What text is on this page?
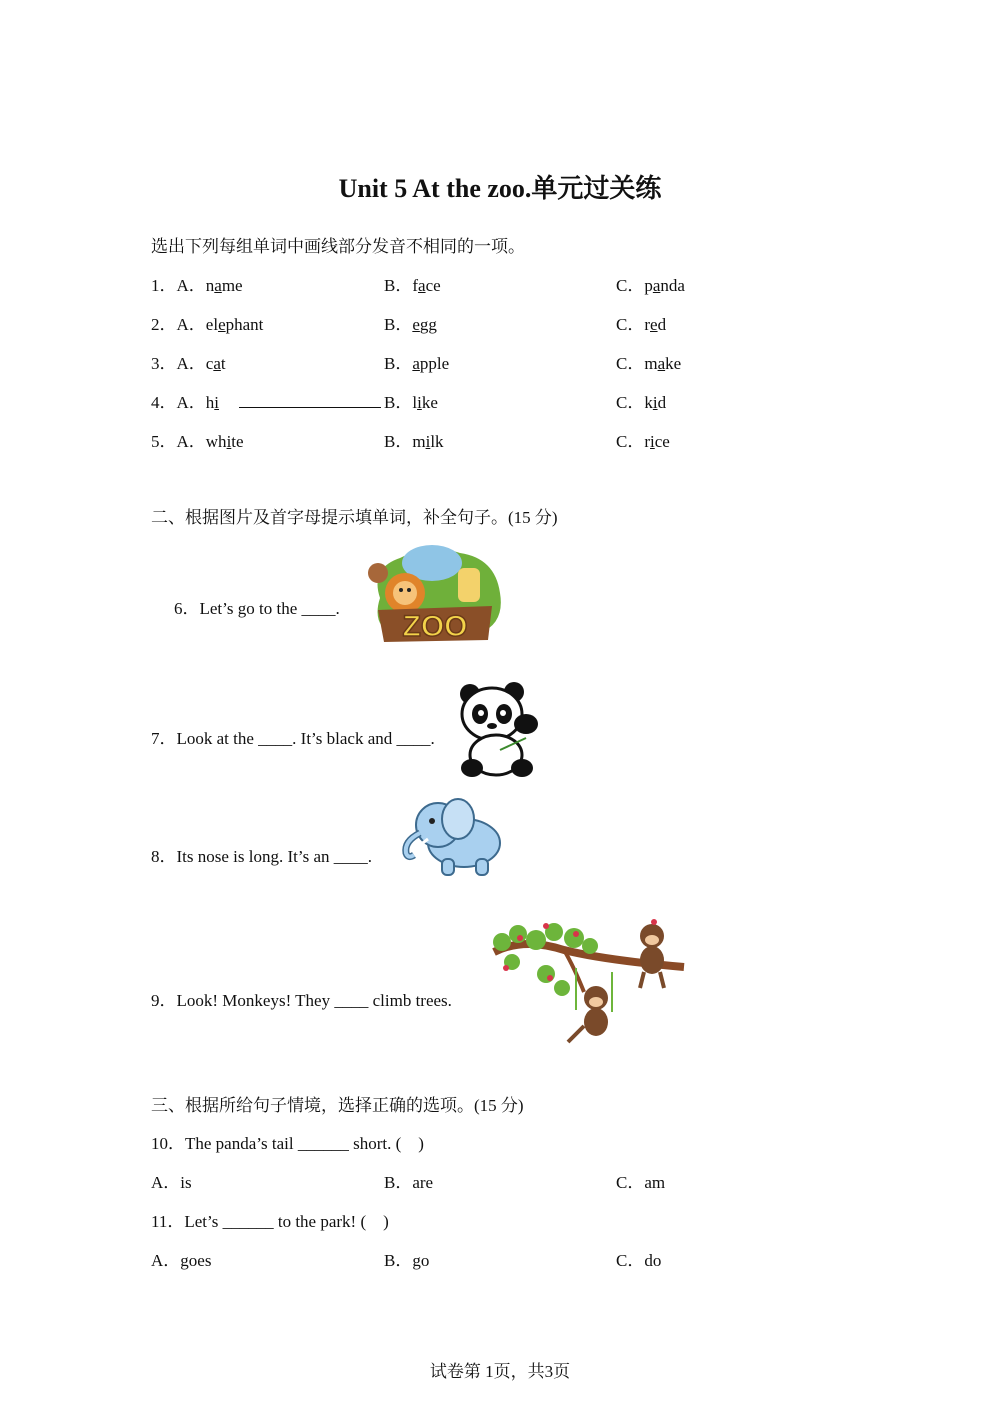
Unit 5 At the zoo.单元过关练
选出下列每组单词中画线部分发音不相同的一项。
1．A．name	B．face	C．panda
2．A．elephant	B．egg	C．red
3．A．cat	B．apple	C．make
4．A．hi	B．like	C．kid
5．A．white	B．milk	C．rice
二、根据图片及首字母提示填单词，补全句子。(15 分)
6．Let’s go to the ____.
ZOO
7．Look at the ____. It’s black and ____.
8．Its nose is long. It’s an ____.
9．Look! Monkeys! They ____ climb trees.
三、根据所给句子情境，选择正确的选项。(15 分)
10．The panda’s tail ______ short. (　)
A．is	B．are	C．am
11．Let’s ______ to the park! (　)
A．goes	B．go	C．do
试卷第 1页，共3页
